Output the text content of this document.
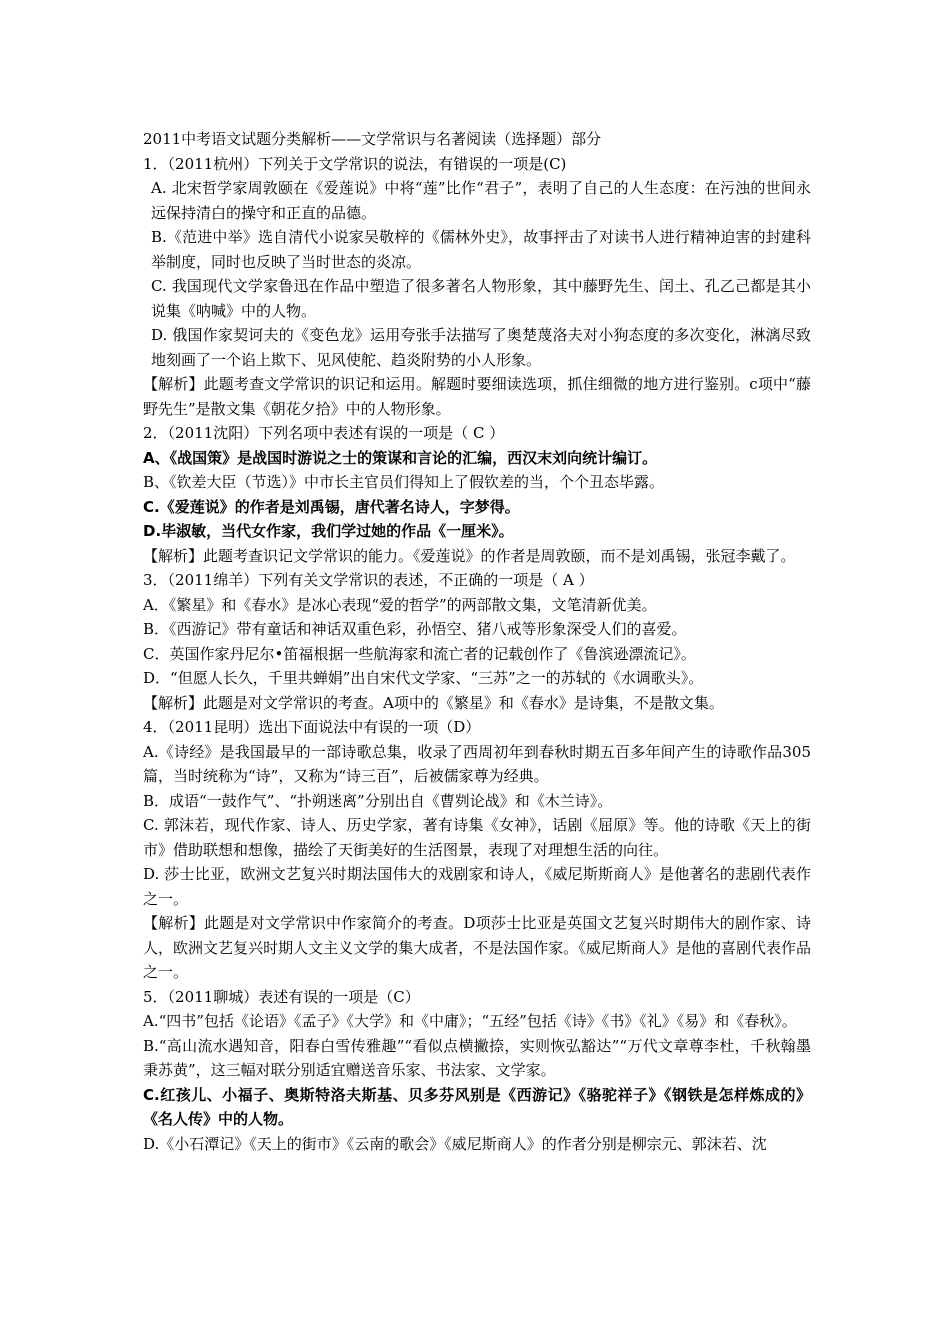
2011中考语文试题分类解析——文学常识与名著阅读（选择题）部分
1．（2011杭州）下列关于文学常识的说法，有错误的一项是(C)
A. 北宋哲学家周敦颐在《爱莲说》中将“莲”比作“君子”，表明了自己的人生态度：在污浊的世间永远保持清白的操守和正直的品德。
B.《范进中举》选自清代小说家吴敬梓的《儒林外史》，故事抨击了对读书人进行精神迫害的封建科举制度，同时也反映了当时世态的炎凉。
C. 我国现代文学家鲁迅在作品中塑造了很多著名人物形象，其中藤野先生、闰土、孔乙己都是其小说集《呐喊》中的人物。
D. 俄国作家契诃夫的《变色龙》运用夸张手法描写了奥楚蔑洛夫对小狗态度的多次变化，淋漓尽致地刻画了一个谄上欺下、见风使舵、趋炎附势的小人形象。
【解析】此题考查文学常识的识记和运用。解题时要细读选项，抓住细微的地方进行鉴别。c项中“藤野先生”是散文集《朝花夕拾》中的人物形象。
2．（2011沈阳）下列名项中表述有误的一项是（ C ）
A、《战国策》是战国时游说之士的策谋和言论的汇编，西汉末刘向统计编订。
B、《钦差大臣（节选）》中市长主官员们得知上了假钦差的当，个个丑态毕露。
C.《爱莲说》的作者是刘禹锡，唐代著名诗人，字梦得。
D.毕淑敏，当代女作家，我们学过她的作品《一厘米》。
【解析】此题考查识记文学常识的能力。《爱莲说》的作者是周敦颐，而不是刘禹锡，张冠李戴了。
3．（2011绵羊）下列有关文学常识的表述，不正确的一项是（ A ）
A．《繁星》和《春水》是冰心表现“爱的哲学”的两部散文集，文笔清新优美。
B．《西游记》带有童话和神话双重色彩，孙悟空、猪八戒等形象深受人们的喜爱。
C．英国作家丹尼尔•笛福根据一些航海家和流亡者的记载创作了《鲁滨逊漂流记》。
D．“但愿人长久，千里共蝉娟”出自宋代文学家、“三苏”之一的苏轼的《水调歌头》。
【解析】此题是对文学常识的考查。A项中的《繁星》和《春水》是诗集，不是散文集。
4．（2011昆明）选出下面说法中有误的一项（D）
A.《诗经》是我国最早的一部诗歌总集，收录了西周初年到春秋时期五百多年间产生的诗歌作品305篇，当时统称为“诗”，又称为“诗三百”，后被儒家尊为经典。
B．成语“一鼓作气”、“扑朔迷离”分别出自《曹刿论战》和《木兰诗》。
C. 郭沫若，现代作家、诗人、历史学家，著有诗集《女神》，话剧《屈原》等。他的诗歌《天上的街市》借助联想和想像，描绘了天街美好的生活图景，表现了对理想生活的向往。
D. 莎士比亚，欧洲文艺复兴时期法国伟大的戏剧家和诗人，《威尼斯斯商人》是他著名的悲剧代表作之一。
【解析】此题是对文学常识中作家简介的考查。D项莎士比亚是英国文艺复兴时期伟大的剧作家、诗人，欧洲文艺复兴时期人文主义文学的集大成者，不是法国作家。《威尼斯商人》是他的喜剧代表作品之一。
5．（2011聊城）表述有误的一项是（C）
A.“四书”包括《论语》《孟子》《大学》和《中庸》；“五经”包括《诗》《书》《礼》《易》和《春秋》。
B.“高山流水遇知音，阳春白雪传雅趣”“看似点横撇捺，实则恢弘豁达”“万代文章尊李杜，千秋翰墨秉苏黄”，这三幅对联分别适宜赠送音乐家、书法家、文学家。
C.红孩儿、小福子、奥斯特洛夫斯基、贝多芬风别是《西游记》《骆驼祥子》《钢铁是怎样炼成的》《名人传》中的人物。
D.《小石潭记》《天上的街市》《云南的歌会》《威尼斯商人》的作者分别是柳宗元、郭沫若、沈
